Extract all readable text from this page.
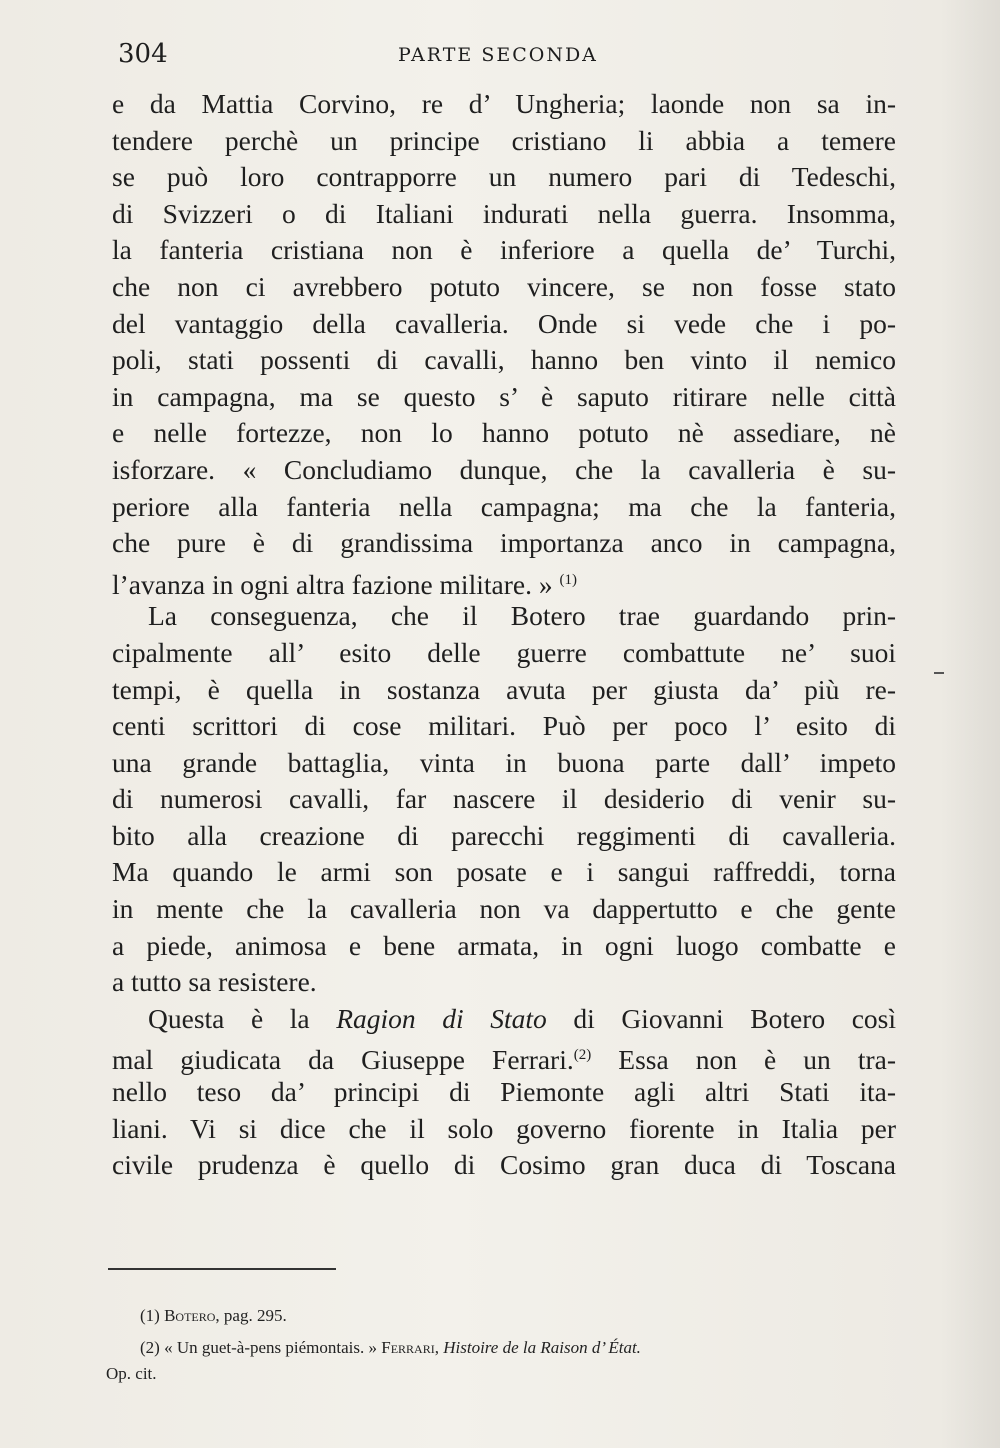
304	PARTE SECONDA
e da Mattia Corvino, re d’ Ungheria; laonde non sa in-
tendere perchè un principe cristiano li abbia a temere
se può loro contrapporre un numero pari di Tedeschi,
di Svizzeri o di Italiani indurati nella guerra. Insomma,
la fanteria cristiana non è inferiore a quella de’ Turchi,
che non ci avrebbero potuto vincere, se non fosse stato
del vantaggio della cavalleria. Onde si vede che i po-
poli, stati possenti di cavalli, hanno ben vinto il nemico
in campagna, ma se questo s’ è saputo ritirare nelle città
e nelle fortezze, non lo hanno potuto nè assediare, nè
isforzare. « Concludiamo dunque, che la cavalleria è su-
periore alla fanteria nella campagna; ma che la fanteria,
che pure è di grandissima importanza anco in campagna,
l’avanza in ogni altra fazione militare. » $^{(1)}$
La conseguenza, che il Botero trae guardando prin-
cipalmente all’ esito delle guerre combattute ne’ suoi
tempi, è quella in sostanza avuta per giusta da’ più re-
centi scrittori di cose militari. Può per poco l’ esito di
una grande battaglia, vinta in buona parte dall’ impeto
di numerosi cavalli, far nascere il desiderio di venir su-
bito alla creazione di parecchi reggimenti di cavalleria.
Ma quando le armi son posate e i sangui raffreddi, torna
in mente che la cavalleria non va dappertutto e che gente
a piede, animosa e bene armata, in ogni luogo combatte e
a tutto sa resistere.
Questa è la Ragion di Stato di Giovanni Botero così
mal giudicata da Giuseppe Ferrari.$^{(2)}$ Essa non è un tra-
nello teso da’ principi di Piemonte agli altri Stati ita-
liani. Vi si dice che il solo governo fiorente in Italia per
civile prudenza è quello di Cosimo gran duca di Toscana
(1) Botero, pag. 295.
(2) « Un guet-à-pens piémontais. » Ferrari, Histoire de la Raison d’ État.
Op. cit.
